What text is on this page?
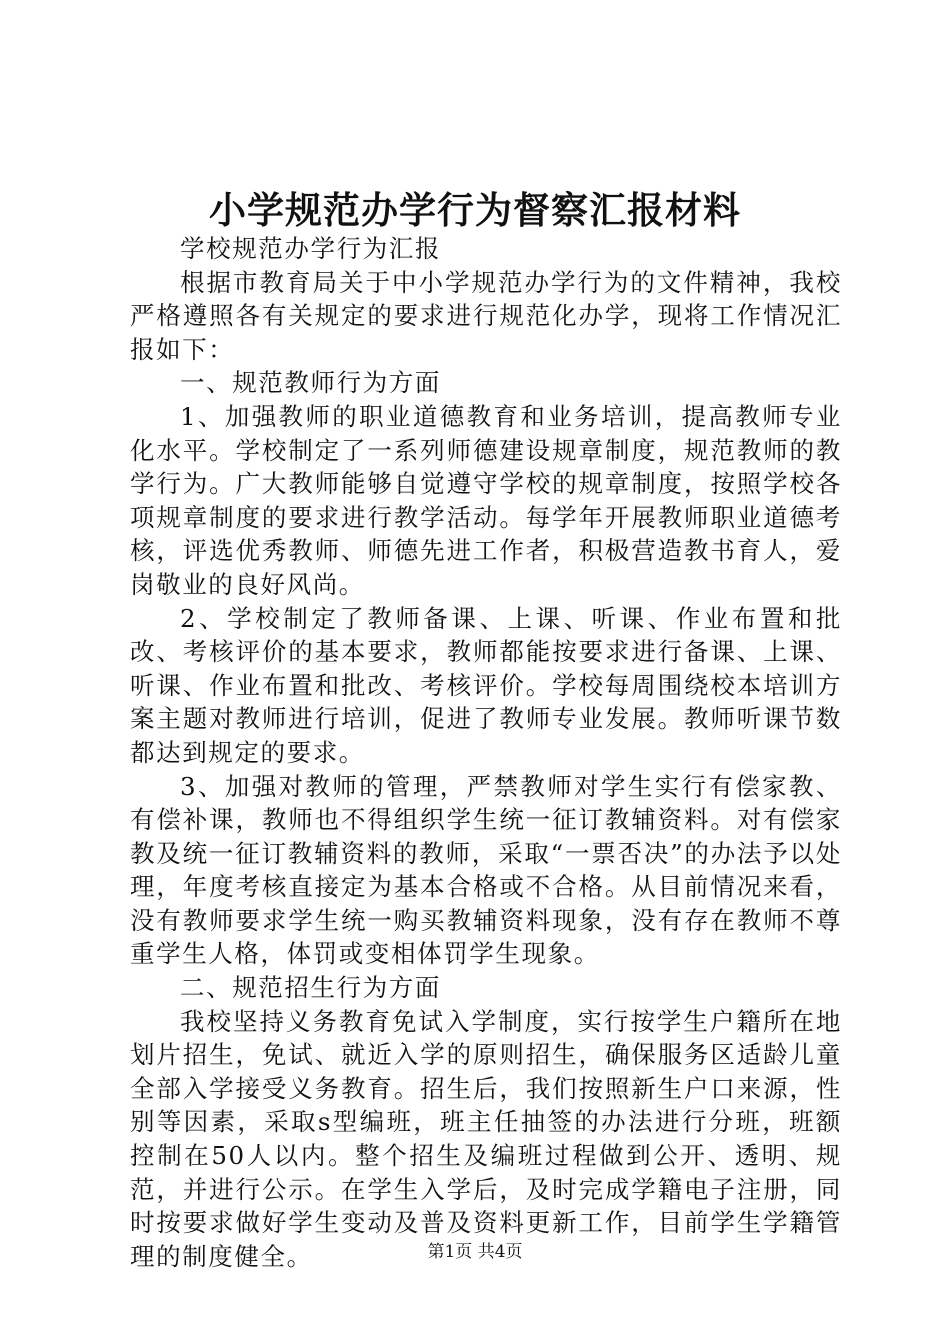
小学规范办学行为督察汇报材料

学校规范办学行为汇报

根据市教育局关于中小学规范办学行为的文件精神，我校严格遵照各有关规定的要求进行规范化办学，现将工作情况汇报如下：

一、规范教师行为方面

1、加强教师的职业道德教育和业务培训，提高教师专业化水平。学校制定了一系列师德建设规章制度，规范教师的教学行为。广大教师能够自觉遵守学校的规章制度，按照学校各项规章制度的要求进行教学活动。每学年开展教师职业道德考核，评选优秀教师、师德先进工作者，积极营造教书育人，爱岗敬业的良好风尚。

2、学校制定了教师备课、上课、听课、作业布置和批改、考核评价的基本要求，教师都能按要求进行备课、上课、听课、作业布置和批改、考核评价。学校每周围绕校本培训方案主题对教师进行培训，促进了教师专业发展。教师听课节数都达到规定的要求。

3、加强对教师的管理，严禁教师对学生实行有偿家教、有偿补课，教师也不得组织学生统一征订教辅资料。对有偿家教及统一征订教辅资料的教师，采取“一票否决”的办法予以处理，年度考核直接定为基本合格或不合格。从目前情况来看，没有教师要求学生统一购买教辅资料现象，没有存在教师不尊重学生人格，体罚或变相体罚学生现象。

二、规范招生行为方面

我校坚持义务教育免试入学制度，实行按学生户籍所在地划片招生，免试、就近入学的原则招生，确保服务区适龄儿童全部入学接受义务教育。招生后，我们按照新生户口来源，性别等因素，采取s型编班，班主任抽签的办法进行分班，班额控制在50人以内。整个招生及编班过程做到公开、透明、规范，并进行公示。在学生入学后，及时完成学籍电子注册，同时按要求做好学生变动及普及资料更新工作，目前学生学籍管理的制度健全。	第1页 共4页
